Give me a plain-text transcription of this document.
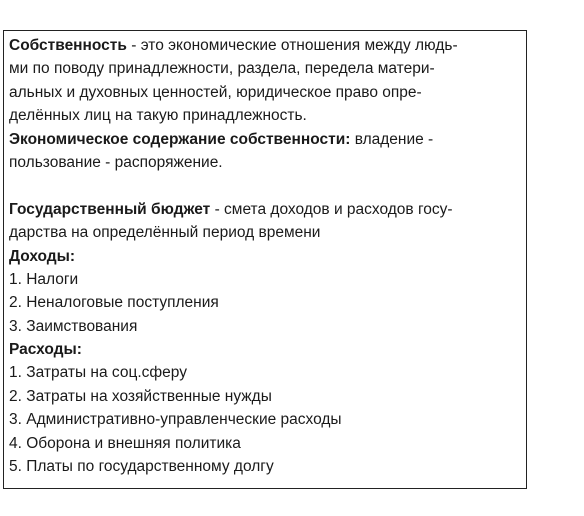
Собственность - это экономические отношения между людь-
ми по поводу принадлежности, раздела, передела матери-
альных и духовных ценностей, юридическое право опре-
делённых лиц на такую принадлежность.
Экономическое содержание собственности: владение -
пользование - распоряжение.
Государственный бюджет - смета доходов и расходов госу-
дарства на определённый период времени
Доходы:
1. Налоги
2. Неналоговые поступления
3. Заимствования
Расходы:
1. Затраты на соц.сферу
2. Затраты на хозяйственные нужды
3. Административно-управленческие расходы
4. Оборона и внешняя политика
5. Платы по государственному долгу
